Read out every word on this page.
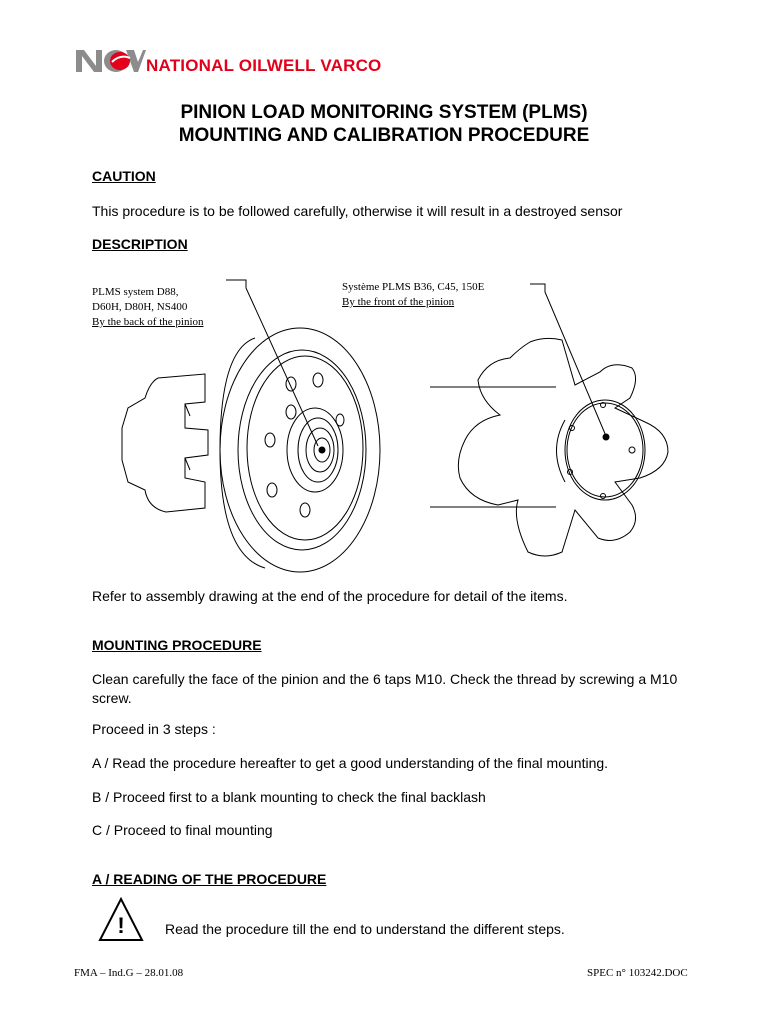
NATIONAL OILWELL VARCO
PINION LOAD MONITORING SYSTEM (PLMS)
MOUNTING AND CALIBRATION PROCEDURE
CAUTION
This procedure is to be followed carefully, otherwise it will result in a destroyed sensor
DESCRIPTION
PLMS system D88,
D60H, D80H, NS400
By the back of the pinion
Système PLMS B36, C45, 150E
By the front of the pinion
Refer to assembly drawing at the end of the procedure for detail of the items.
MOUNTING PROCEDURE
Clean carefully the face of the pinion and the 6 taps M10. Check the thread by screwing a M10 screw.
Proceed in 3 steps :
A / Read the procedure hereafter to get a good understanding of the final mounting.
B / Proceed first to a blank mounting to check the final backlash
C / Proceed to final mounting
A / READING OF THE PROCEDURE
!	Read the procedure till the end to understand the different steps.
FMA – Ind.G – 28.01.08	SPEC n° 103242.DOC
